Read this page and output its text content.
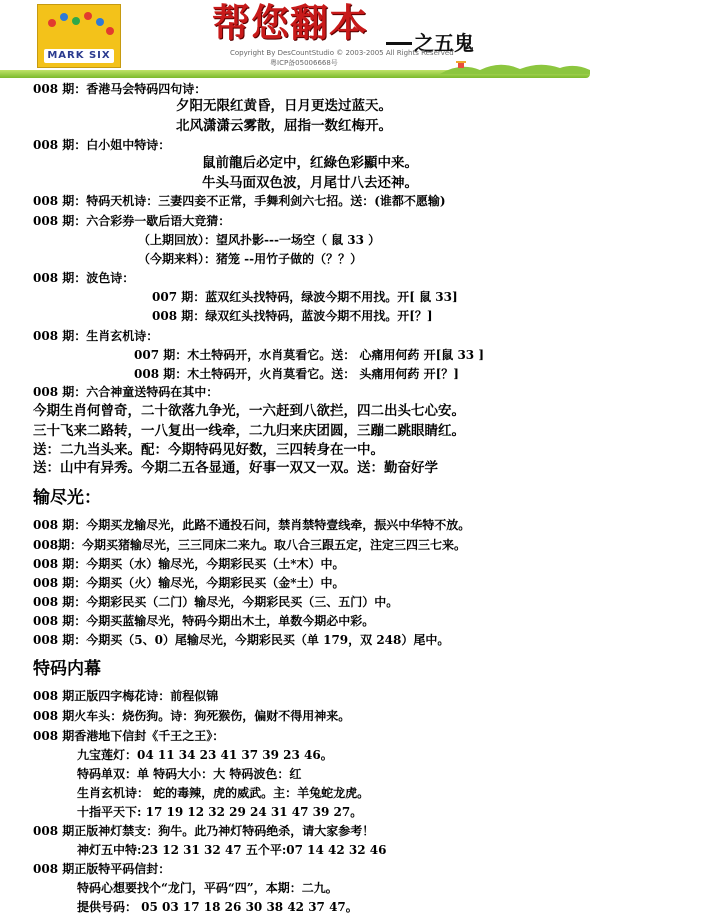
MARK SIX
帮您翻本 之五鬼
Copyright By DesCountStudio © 2003-2005 All Rights Reserved
粤ICP备05006668号
008 期：香港马会特码四句诗：
夕阳无限红黄昏，日月更迭过蓝天。
北风潇潇云雾散，屈指一数红梅开。
008 期：白小姐中特诗：
鼠前龍后必定中，红綠色彩顯中来。
牛头马面双色波，月尾廿八去还神。
008 期：特码天机诗：三妻四妾不正常，手舞利剑六七招。送：(谁都不愿输)
008 期：六合彩券一歇后语大竞猜：
（上期回放）：望风扑影---一场空（ 鼠 33 ）
（今期来料）：猪笼 --用竹子做的（？？）
008 期：波色诗：
007 期：蓝双红头找特码，绿波今期不用找。开[ 鼠 33]
008 期：绿双红头找特码，蓝波今期不用找。开[？]
008 期：生肖玄机诗：
007 期：木土特码开，水肖莫看它。送： 心痛用何药 开[鼠 33 ]
008 期：木土特码开，火肖莫看它。送： 头痛用何药 开[？]
008 期：六合神童送特码在其中：
今期生肖何曾奇，二十欲落九争光，一六赶到八欲拦，四二出头七心安。
三十飞来二路转，一八复出一线牵，二九归来庆团圆，三蹦二跳眼睛红。
送：二九当头来。配：今期特码见好数，三四转身在一中。
送：山中有异秀。今期二五各显通，好事一双又一双。送：勤奋好学
输尽光：
008 期：今期买龙输尽光，此路不通投石问，禁肖禁特壹线牵，振兴中华特不放。
008期：今期买猪输尽光，三三同床二来九。取八合三跟五定，注定三四三七来。
008 期：今期买（水）输尽光，今期彩民买（土*木）中。
008 期：今期买（火）输尽光，今期彩民买（金*土）中。
008 期：今期彩民买（二门）输尽光，今期彩民买（三、五门）中。
008 期：今期买蓝输尽光，特码今期出木土，单数今期必中彩。
008 期：今期买（5、0）尾输尽光，今期彩民买（单 179，双 248）尾中。
特码内幕
008 期正版四字梅花诗：前程似锦
008 期火车头：烧伤狗。诗：狗死猴伤，偏财不得用神来。
008 期香港地下信封《千王之王》：
九宝莲灯：04 11 34 23 41 37 39 23 46。
特码单双：单 特码大小：大 特码波色：红
生肖玄机诗： 蛇的毒辣，虎的威武。主：羊兔蛇龙虎。
十指平天下: 17 19 12 32 29 24 31 47 39 27。
008 期正版神灯禁支：狗牛。此乃神灯特码绝杀，请大家参考！
神灯五中特:23 12 31 32 47 五个平:07 14 42 32 46
008 期正版特平码信封：
特码心想要找个“龙门，平码“四”，本期：二九。
提供号码： 05 03 17 18 26 30 38 42 37 47。
